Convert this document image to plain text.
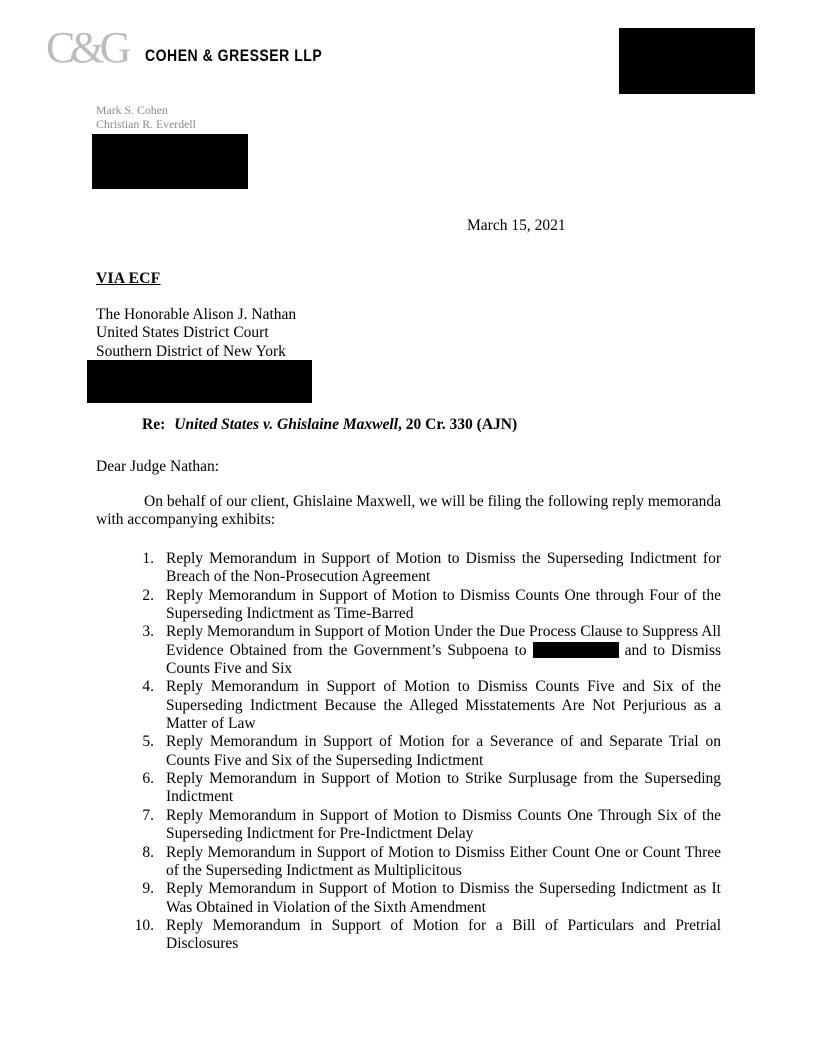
C&G COHEN & GRESSER LLP
Mark S. Cohen
Christian R. Everdell
March 15, 2021
VIA ECF
The Honorable Alison J. Nathan
United States District Court
Southern District of New York
Re: United States v. Ghislaine Maxwell, 20 Cr. 330 (AJN)
Dear Judge Nathan:
On behalf of our client, Ghislaine Maxwell, we will be filing the following reply memoranda with accompanying exhibits:
1. Reply Memorandum in Support of Motion to Dismiss the Superseding Indictment for Breach of the Non-Prosecution Agreement
2. Reply Memorandum in Support of Motion to Dismiss Counts One through Four of the Superseding Indictment as Time-Barred
3. Reply Memorandum in Support of Motion Under the Due Process Clause to Suppress All Evidence Obtained from the Government’s Subpoena to	and to Dismiss Counts Five and Six
4. Reply Memorandum in Support of Motion to Dismiss Counts Five and Six of the Superseding Indictment Because the Alleged Misstatements Are Not Perjurious as a Matter of Law
5. Reply Memorandum in Support of Motion for a Severance of and Separate Trial on Counts Five and Six of the Superseding Indictment
6. Reply Memorandum in Support of Motion to Strike Surplusage from the Superseding Indictment
7. Reply Memorandum in Support of Motion to Dismiss Counts One Through Six of the Superseding Indictment for Pre-Indictment Delay
8. Reply Memorandum in Support of Motion to Dismiss Either Count One or Count Three of the Superseding Indictment as Multiplicitous
9. Reply Memorandum in Support of Motion to Dismiss the Superseding Indictment as It Was Obtained in Violation of the Sixth Amendment
10. Reply Memorandum in Support of Motion for a Bill of Particulars and Pretrial Disclosures
